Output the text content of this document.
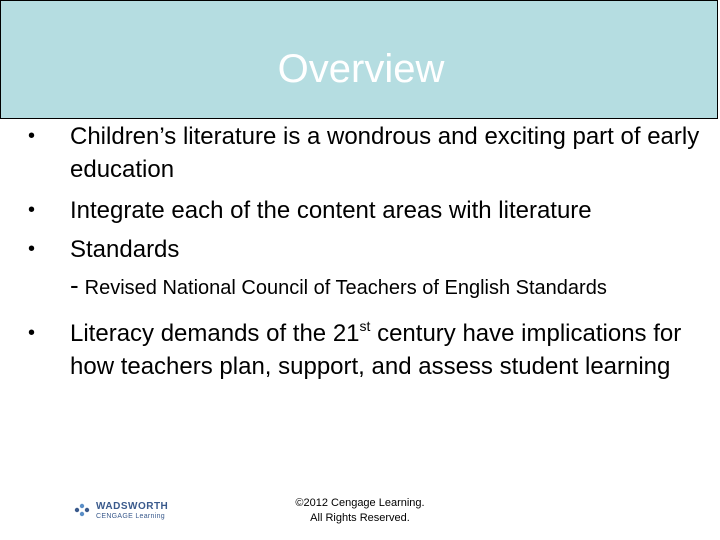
Overview
•	Children’s literature is a wondrous and exciting part of early education
•	Integrate each of the content areas with literature
•	Standards
- Revised National Council of Teachers of English Standards
•	Literacy demands of the 21st century have implications for how teachers plan, support, and assess student learning
WADSWORTH
CENGAGE Learning
©2012 Cengage Learning.
All Rights Reserved.
